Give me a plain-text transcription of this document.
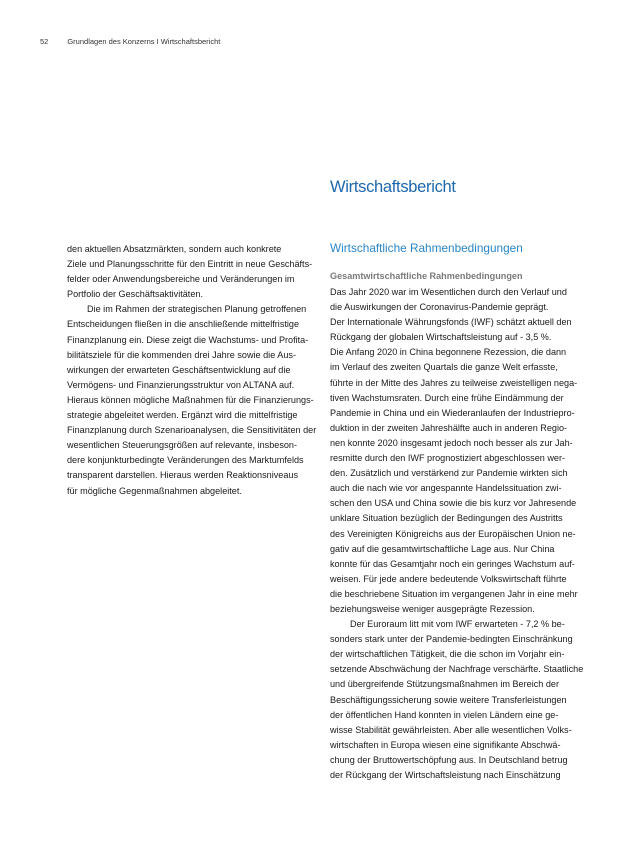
52	Grundlagen des Konzerns I Wirtschaftsbericht
Wirtschaftsbericht
Wirtschaftliche Rahmenbedingungen
Gesamtwirtschaftliche Rahmenbedingungen
den aktuellen Absatzmärkten, sondern auch konkrete
Ziele und Planungsschritte für den Eintritt in neue Geschäfts-
felder oder Anwendungsbereiche und Veränderungen im
Portfolio der Geschäftsaktivitäten.
Die im Rahmen der strategischen Planung getroffenen
Entscheidungen fließen in die anschließende mittelfristige
Finanzplanung ein. Diese zeigt die Wachstums- und Profita-
bilitätsziele für die kommenden drei Jahre sowie die Aus-
wirkungen der erwarteten Geschäftsentwicklung auf die
Vermögens- und Finanzierungsstruktur von ALTANA auf.
Hieraus können mögliche Maßnahmen für die Finanzierungs-
strategie abgeleitet werden. Ergänzt wird die mittelfristige
Finanzplanung durch Szenarioanalysen, die Sensitivitäten der
wesentlichen Steuerungsgrößen auf relevante, insbeson-
dere konjunkturbedingte Veränderungen des Marktumfelds
transparent darstellen. Hieraus werden Reaktionsniveaus
für mögliche Gegenmaßnahmen abgeleitet.
Das Jahr 2020 war im Wesentlichen durch den Verlauf und
die Auswirkungen der Coronavirus-Pandemie geprägt.
Der Internationale Währungsfonds (IWF) schätzt aktuell den
Rückgang der globalen Wirtschaftsleistung auf - 3,5 %.
Die Anfang 2020 in China begonnene Rezession, die dann
im Verlauf des zweiten Quartals die ganze Welt erfasste,
führte in der Mitte des Jahres zu teilweise zweistelligen nega-
tiven Wachstumsraten. Durch eine frühe Eindämmung der
Pandemie in China und ein Wiederanlaufen der Industriepro-
duktion in der zweiten Jahreshälfte auch in anderen Regio-
nen konnte 2020 insgesamt jedoch noch besser als zur Jah-
resmitte durch den IWF prognostiziert abgeschlossen wer-
den. Zusätzlich und verstärkend zur Pandemie wirkten sich
auch die nach wie vor angespannte Handelssituation zwi-
schen den USA und China sowie die bis kurz vor Jahresende
unklare Situation bezüglich der Bedingungen des Austritts
des Vereinigten Königreichs aus der Europäischen Union ne-
gativ auf die gesamtwirtschaftliche Lage aus. Nur China
konnte für das Gesamtjahr noch ein geringes Wachstum auf-
weisen. Für jede andere bedeutende Volkswirtschaft führte
die beschriebene Situation im vergangenen Jahr in eine mehr
beziehungsweise weniger ausgeprägte Rezession.
Der Euroraum litt mit vom IWF erwarteten - 7,2 % be-
sonders stark unter der Pandemie-bedingten Einschränkung
der wirtschaftlichen Tätigkeit, die die schon im Vorjahr ein-
setzende Abschwächung der Nachfrage verschärfte. Staatliche
und übergreifende Stützungsmaßnahmen im Bereich der
Beschäftigungssicherung sowie weitere Transferleistungen
der öffentlichen Hand konnten in vielen Ländern eine ge-
wisse Stabilität gewährleisten. Aber alle wesentlichen Volks-
wirtschaften in Europa wiesen eine signifikante Abschwä-
chung der Bruttowertschöpfung aus. In Deutschland betrug
der Rückgang der Wirtschaftsleistung nach Einschätzung
